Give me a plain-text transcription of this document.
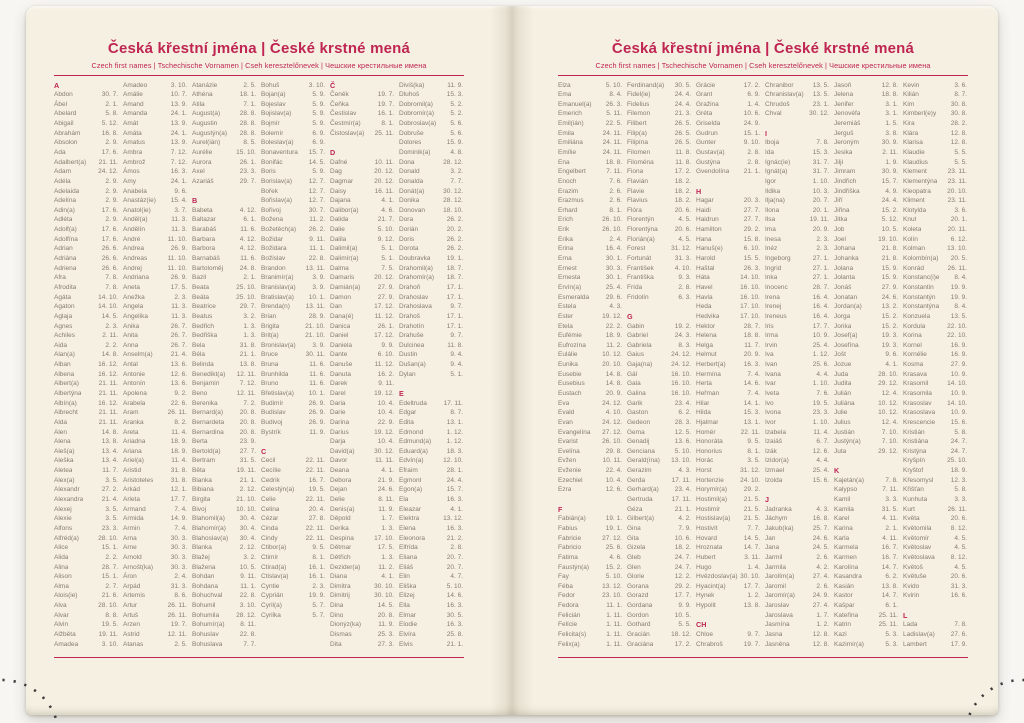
Česká křestní jména | České krstné mená
Czech first names | Tschechische Vornamen | Cseh keresztelőnevek | Чешские крестильные имена
A
Abdon	30. 7.
Ábel	2. 1.
Abelard	5. 8.
Abigail	5. 12.
Abrahám	16. 8.
Absolon	2. 9.
Ada	17. 6.
Adalbert(a) 21. 11.
Adam	24. 12.
Adéla	2. 9.
Adelaida	2. 9.
Adelína	2. 9.
Adin(a)	17. 6.
Adléta	2. 9.
Adolf(a)	17. 6.
Adolfína	17. 6.
Adrian	26. 6.
Adriána	26. 6.
Adriena	26. 6.
Afra	7. 8.
Afrodita	7. 8.
Agáta	14. 10.
Agaton	14. 10.
Aglaja	14. 5.
Agnes	2. 3.
Achiles	2. 11.
Aida	2. 2.
Alan(a)	14. 8.
Alban	16. 12.
Albena	16. 12.
Albert(a)	21. 11.
Albertýna	21. 11.
Albín(a)	16. 12.
Albrecht	21. 11.
Alda	21. 11.
Alen	14. 8.
Alena	13. 8.
Aleš(a)	13. 4.
Aleška	13. 4.
Aletea	11. 7.
Alex(a)	3. 5.
Alexandr	27. 2.
Alexandra	21. 4.
Alexej	3. 5.
Alexie	3. 5.
Alfons	23. 3.
Alfréd(a)	28. 10.
Alice	15. 1.
Alida	2. 2.
Alina	28. 7.
Alison	15. 1.
Alma	2. 7.
Alois(ie)	21. 6.
Alva	28. 10.
Alvar	8. 8.
Alvin	19. 5.
Alžběta	19. 11.
Amadea	3. 10.
Amadeo	3. 10.
Amálie	10. 7.
Amand	13. 9.
Amanda	24. 1.
Amát	13. 9.
Amáta	24. 1.
Amatus	13. 9.
Ambra	7. 12.
Ambrož	7. 12.
Ámos	16. 3.
Amy	24. 1.
Anabela	9. 6.
Anastáz(ie) 15. 4.
Anatol(ie)	3. 7.
Anděl(a)	11. 3.
Andělín	11. 3.
André	11. 10.
Andrea	26. 9.
Andreas	11. 10.
Andrej	11. 10.
Andriana	26. 9.
Aneta	17. 5.
Anežka	2. 3.
Angela	11. 3.
Angelika	11. 3.
Anika	26. 7.
Anita	26. 7.
Anna	26. 7.
Anselm(a)	21. 4.
Antal	13. 6.
Antonie	12. 6.
Antonín	13. 6.
Apolena	9. 2.
Arabela	22. 6.
Aram	26. 11.
Aranka	8. 2.
Areta	11. 4.
Ariadna	18. 9.
Ariana	18. 9.
Ariel(a)	11. 4.
Aristid	31. 8.
Aristoteles	31. 8.
Arkád	12. 1.
Arleta	17. 7.
Armand	7. 4.
Armida	14. 9.
Armin	7. 4.
Arna	30. 3.
Arne	30. 3.
Arnold	30. 3.
Arnošt(ka)	30. 3.
Áron	2. 4.
Arpád	31. 3.
Artemis	8. 6.
Artur	26. 11.
Artuš	26. 11.
Arzen	19. 7.
Astrid	12. 11.
Atanas	2. 5.
Atanázie	2. 5.
Athéna	18. 1.
Atila	7. 1.
August(a)	28. 8.
Augustin	28. 8.
Augustýn(a) 28. 8.
Aurel(ián)	8. 5.
Aurélie	15. 10.
Aurora	26. 1.
Axel	23. 3.
Azariáš	29. 7.
B
Babeta	4. 12.
Baltazar	6. 1.
Barabáš	11. 6.
Barbara	4. 12.
Barbora	4. 12.
Barnabáš	11. 6.
Bartoloměj	24. 8.
Bazil	2. 1.
Beata	25. 10.
Beáta	25. 10.
Beatrice	29. 7.
Beatus	3. 2.
Bedřich	1. 3.
Bedřiška	1. 3.
Bela	31. 8.
Béla	21. 1.
Belinda	13. 8.
Benedikt(a) 12. 11.
Benjamín	7. 12.
Beno	12. 11.
Berenika	7. 2.
Bernard(a)	20. 8.
Bernardeta 20. 8.
Bernardina 20. 8.
Berta	23. 9.
Bertold(a)	27. 7.
Bertram	31. 5.
Běta	19. 11.
Bianka	21. 1.
Bibiana	2. 12.
Birgita	21. 10.
Bivoj	10. 10.
Blahomil(a) 30. 4.
Blahomír(a) 30. 4.
Blahoslav(a) 30. 4.
Blanka	2. 12.
Blažej	3. 2.
Blažena	10. 5.
Bohdan	9. 11.
Bohdana	11. 1.
Bohuchval	22. 8.
Bohumil	3. 10.
Bohumila	28. 12.
Bohumír(a) 8. 11.
Bohuslav	22. 8.
Bohuslava	7. 7.
Bohuš	3. 10.
Bojan(a)	5. 9.
Bojeslav	5. 9.
Bojislav(a)	5. 9.
Bojmír	5. 9.
Bolemír	6. 9.
Boleslav(a)	6. 9.
Bonaventura 15. 7.
Bonifác	14. 5.
Boris	5. 9.
Borislav(a)	12. 7.
Bořek	12. 7.
Bořislav(a)	12. 7.
Bořivoj	30. 7.
Božena	11. 2.
Božetěch(a) 26. 2.
Božidar	9. 11.
Božidara	11. 1.
Božislav	22. 8.
Brandon	13. 11.
Branimír(a)	3. 9.
Branislav(a)	3. 9.
Bratislav(a) 10. 1.
Brenda(n) 13. 11.
Brian	28. 9.
Brigita	21. 10.
Brit(a)	21. 10.
Bronislav(a)	3. 9.
Bruce	30. 11.
Bruna	11. 6.
Brunhilda	11. 6.
Bruno	11. 6.
Břetislav(a) 10. 1.
Budimír	26. 9.
Budislav	26. 9.
Budivoj	26. 9.
Bystrík	11. 9.
C
Cecil	22. 11.
Cecílie	22. 11.
Cedrik	16. 7.
Celestýn(a) 19. 5.
Celie	22. 11.
Celina	20. 4.
Cézar	27. 8.
Cinda	22. 11.
Cindy	22. 11.
Ctibor(a)	9. 5.
Ctimír	8. 1.
Ctirad(a)	16. 1.
Ctislav(a)	16. 1.
Cyntie	2. 3.
Cyprián	19. 9.
Cyril(a)	5. 7.
Cyrilka	5. 7.
Č
Čeněk	19. 7.
Čeňka	19. 7.
Čestislav	16. 1.
Čestmír(a)	8. 1.
Čistoslav(a) 25. 11.
D
Dafné	10. 11.
Dag	20. 12.
Dagmar	20. 12.
Daisy	16. 11.
Dajana	4. 1.
Dalibor(a)	4. 6.
Dalida	21. 7.
Dalie	5. 10.
Dalila	9. 12.
Dalimil(a)	5. 1.
Dalimír(a)	5. 1.
Dalma	7. 5.
Damaris	20. 12.
Damián(a)	27. 9.
Damon	27. 9.
Dan	17. 12.
Dana(é)	11. 12.
Danica	26. 1.
Daniel	17. 12.
Daniela	9. 9.
Dante	6. 10.
Danuše	11. 12.
Danuta	16. 2.
Darek	9. 11.
Darel	19. 12.
Daria	10. 4.
Darie	10. 4.
Darina	22. 9.
Darius	19. 12.
Darja	10. 4.
David(a)	30. 12.
Davor	11. 11.
Deana	4. 1.
Debora	21. 9.
Dejan	24. 6.
Delie	8. 11.
Denis(a)	11. 9.
Děpold	1. 7.
Derika	1. 3.
Despina	17. 10.
Dětmar	17. 5.
Dětřich	1. 3.
Dezider(a)	11. 2.
Diana	4. 1.
Dimitra	30. 10.
Dimitrij	30. 10.
Dina	14. 5.
Dino	20. 8.
Dionýz(ka)	11. 9.
Dismas	25. 3.
Dita	27. 3.
Diviš(ka)	11. 9.
Dluhoš	15. 3.
Dobromil(a)	5. 2.
Dobromír(a)	5. 2.
Dobroslav(a) 5. 6.
Dobruše	5. 6.
Dolores	15. 9.
Dominik(a)	4. 8.
Dona	28. 12.
Donald	3. 2.
Donalda	7. 7.
Donát(a)	30. 12.
Donika	28. 12.
Donovan	18. 10.
Dora	26. 2.
Dorián	20. 2.
Doris	26. 2.
Dorota	26. 2.
Doubravka	19. 1.
Drahomil(a) 18. 7.
Drahomír(a) 18. 7.
Drahoň	17. 1.
Drahoslav	17. 1.
Drahoslava	9. 7.
Drahoš	17. 1.
Drahotín	17. 1.
Drahuše	9. 7.
Dulcinea	11. 8.
Dustin	9. 4.
Dušan(a)	9. 4.
Dylan	5. 1.
E
Edeltruda	17. 11.
Edgar	8. 7.
Edita	13. 1.
Edmond	1. 12.
Edmund(a) 1. 12.
Eduard(a)	18. 3.
Edvín(a)	12. 10.
Efraim	28. 1.
Egmont	24. 4.
Egon(a)	15. 7.
Ela	16. 3.
Eleazar	4. 1.
Elektra	13. 12.
Elena	16. 3.
Eleonora	21. 2.
Elfrída	2. 8.
Eliana	20. 7.
Eliáš	20. 7.
Elin	4. 7.
Eliška	5. 10.
Elizej	14. 6.
Ella	16. 3.
Elmar	30. 5.
Elodie	16. 3.
Elvíra	25. 8.
Elvis	21. 1.
Česká křestní jména | České krstné mená
Czech first names | Tschechische Vornamen | Cseh keresztelőnevek | Чешские крестильные имена
Elza	5. 10.
Ema	8. 4.
Emanuel(a) 26. 3.
Emerich	5. 11.
Emil(ián)	22. 5.
Emila	24. 11.
Emiliána	24. 11.
Emílie	24. 11.
Ena	18. 8.
Engelbert	7. 11.
Enoch	7. 6.
Erazim	2. 6.
Erazmus	2. 6.
Erhard	8. 1.
Erich	26. 10.
Erik	26. 10.
Erika	2. 4.
Erina	16. 4.
Erna	30. 1.
Ernest	30. 3.
Ernesta	30. 1.
Ervín(a)	25. 4.
Esmeralda	29. 6.
Estela	4. 3.
Ester	19. 12.
Etela	22. 2.
Eufémie	18. 9.
Eufrozína	11. 2.
Eulálie	10. 12.
Eunika	20. 10.
Eusebie	14. 8.
Eusebius	14. 8.
Eustach	20. 9.
Eva	24. 12.
Evald	4. 10.
Evan	24. 12.
Evangelína 27. 12.
Evarist	26. 10.
Evelína	29. 8.
Evžen	10. 11.
Evženie	22. 4.
Ezechiel	10. 4.
Ezra	12. 6.
F
Fabián(a)	19. 1.
Fabius	19. 1.
Fabricie	27. 12.
Fabricio	25. 6.
Fatima	4. 6.
Faustýn(a)	15. 2.
Fay	5. 10.
Féba	13. 12.
Fedor	23. 10.
Fedora	11. 1.
Felicián	1. 11.
Felície	1. 11.
Felicita(s)	1. 11.
Felix(a)	1. 11.
Ferdinand(a) 30. 5.
Fidel(ie)	24. 4.
Fidelius	24. 4.
Filemon	21. 3.
Filibert	26. 5.
Filip(a)	26. 5.
Filipína	26. 5.
Filomen	11. 8.
Filoména	11. 8.
Fiona	17. 2.
Flavián	18. 2.
Flavie	18. 2.
Flavius	18. 2.
Flóra	20. 6.
Florentýn	4. 5.
Florentýna	20. 6.
Florián(a)	4. 5.
Forest	31. 12.
Fortunát	31. 3.
František	4. 10.
Františka	9. 3.
Frída	2. 8.
Fridolín	6. 3.
G
Gabin	19. 2.
Gabriel	24. 3.
Gabriela	8. 3.
Gaius	24. 12.
Gaja(na)	24. 12.
Gál	16. 10.
Gala	16. 10.
Galina	16. 10.
Garik	23. 4.
Gaston	6. 2.
Gedeon	28. 3.
Gema	12. 5.
Genadij	13. 6.
Genciana	5. 10.
Gerald(ína) 13. 10.
Gerazim	4. 3.
Gerda	17. 11.
Gerhard(a) 23. 4.
Gertruda	17. 11.
Géza	21. 1.
Gilbert(a)	4. 2.
Gina	7. 9.
Gita	10. 6.
Gizela	18. 2.
Gleb	24. 7.
Glen	24. 7.
Glorie	12. 2.
Gorana	29. 2.
Gorazd	17. 7.
Gordana	9. 9.
Gordon	10. 5.
Gothard	5. 5.
Gracián	18. 12.
Graciána	17. 2.
Grácie	17. 2.
Grant	6. 9.
Gražina	1. 4.
Gréta	10. 6.
Griselda	24. 9.
Gudrun	15. 1.
Gunter	9. 10.
Gustav(a)	2. 8.
Gustýna	2. 8.
Gvendolína 21. 1.
H
Hagar	20. 3.
Haidi	27. 7.
Haidrun	27. 7.
Hamilton	29. 2.
Hana	15. 8.
Hanuš(e)	6. 10.
Harold	15. 5.
Haštal	26. 3.
Háta	14. 10.
Havel	16. 10.
Havla	16. 10.
Heda	17. 10.
Hedvika	17. 10.
Hektor	28. 7.
Helena	18. 8.
Helga	11. 7.
Helmut	20. 9.
Herbert(a)	16. 3.
Hermína	7. 4.
Herta	14. 6.
Heřman	7. 4.
Hilar	14. 1.
Hilda	15. 3.
Hjalmar	13. 1.
Homér	22. 11.
Honoráta	9. 5.
Honorius	8. 1.
Horác	3. 5.
Horst	31. 12.
Hortenzie	24. 10.
Horymír(a)	29. 2.
Hostimil(a)	21. 5.
Hostimír	21. 5.
Hostislav(a) 21. 5.
Hostivít	7. 7.
Hovard	14. 5.
Hroznata	14. 7.
Hubert	3. 11.
Hugo	1. 4.
Hvězdoslav(a) 30. 10.
Hyacint(a)	17. 7.
Hynek	1. 2.
Hypolit	13. 8.
CH
Chloe	9. 7.
Chrabroš	19. 7.
Chranibor	13. 5.
Chranislav(a) 13. 5.
Chrudoš	23. 1.
Chval	30. 12.
I
Iboja	7. 8.
Ida	15. 3.
Ignác(ie)	31. 7.
Ignát(a)	31. 7.
Igor	1. 10.
Ildika	10. 3.
Ilja(na)	20. 7.
Ilona	20. 1.
Ilsa	19. 11.
Ima	20. 9.
Inesa	2. 3.
Inéz	2. 3.
Ingeborg	27. 1.
Ingrid	27. 1.
Inka	27. 1.
Inocenc	28. 7.
Irena	16. 4.
Irenej	16. 4.
Ireneus	16. 4.
Iris	17. 7.
Irma	10. 9.
Irvin	25. 4.
Iva	1. 12.
Ivan	25. 6.
Ivana	4. 4.
Ivar	1. 10.
Iveta	7. 6.
Ivo	19. 5.
Ivona	23. 3.
Ivor	1. 10.
Izabela	11. 4.
Izaiáš	6. 7.
Izák	12. 6.
Izidor(a)	4. 4.
Izmael	25. 4.
Izolda	15. 6.
J
Jadranka	4. 3.
Jáchym	16. 8.
Jakub(ka)	25. 7.
Jan	24. 6.
Jana	24. 5.
Jarmil	2. 6.
Jarmila	4. 2.
Jarolím(a)	27. 4.
Jaromil	2. 6.
Jaromír(a)	24. 9.
Jaroslav	27. 4.
Jaroslava	1. 7.
Jasmína	1. 2.
Jasna	12. 8.
Jasněna	12. 8.
Jasoň	12. 8.
Jelena	18. 8.
Jenifer	3. 1.
Jenovéfa	3. 1.
Jeremiáš	1. 5.
Jerguš	3. 8.
Jeroným	30. 9.
Jesika	2. 11.
Jiljí	1. 9.
Jimram	30. 9.
Jindřich	15. 7.
Jindřiška	4. 9.
Jiří	24. 4.
Jiřina	15. 2.
Jitka	5. 12.
Job	10. 5.
Joel	19. 10.
Johana	21. 8.
Johanka	21. 8.
Jolana	15. 9.
Jolanta	15. 9.
Jonáš	27. 9.
Jonatan	24. 6.
Jordan(a)	13. 2.
Jorga	15. 2.
Jorika	15. 2.
Josef(a)	19. 3.
Josefína	19. 3.
Jošt	9. 6.
Jozue	4. 1.
Juda	28. 10.
Judita	29. 12.
Julián	12. 4.
Juliána	10. 12.
Julie	10. 12.
Julius	12. 4.
Justián	7. 10.
Justýn(a)	7. 10.
Juta	29. 12.
K
Kajetán(a)	7. 8.
Kalypso	7. 11.
Kamil	3. 3.
Kamila	31. 5.
Karel	4. 11.
Karina	2. 1.
Karla	4. 11.
Karmela	16. 7.
Karmen	16. 7.
Karolína	14. 7.
Kasandra	6. 2.
Kasián	13. 8.
Kastor	14. 7.
Kašpar	6. 1.
Kateřina	25. 11.
Katrin	25. 11.
Kazi	5. 3.
Kazimír(a)	5. 3.
Kevin	3. 6.
Kilián	8. 7.
Kim	30. 8.
Kimberl(e)y 30. 8.
Kira	28. 2.
Klára	12. 8.
Klarisa	12. 8.
Klaudie	5. 5.
Klaudius	5. 5.
Klement	23. 11.
Klementýna 23. 11.
Kleopatra	20. 10.
Kliment	23. 11.
Klotylda	3. 6.
Knut	20. 1.
Koleta	20. 11.
Kolín	6. 12.
Kolman	13. 10.
Kolombín(a) 20. 5.
Konrád	26. 11.
Konstanc(i)e 8. 4.
Konstantin	19. 9.
Konstantýn 19. 9.
Konstantýna 8. 4.
Konzuela	13. 5.
Kordula	22. 10.
Korina	22. 10.
Kornel	16. 9.
Kornélie	16. 9.
Kosma	27. 9.
Krasava	10. 9.
Krasomil	14. 10.
Krasomila	10. 9.
Krasoslav 14. 10.
Krasoslava 10. 9.
Krescencie 15. 6.
Kristián	5. 8.
Kristiána	24. 7.
Kristýna	24. 7.
Kryšpín	25. 10.
Kryštof	18. 9.
Křesomysl	12. 3.
Křišťan	5. 8.
Kunhuta	3. 3.
Kurt	26. 11.
Květa	20. 6.
Květomila	8. 12.
Květomír	4. 5.
Květoslav	4. 5.
Květoslava 8. 12.
Květoš	4. 5.
Květuše	20. 6.
Kvido	31. 3.
Kvirin	16. 6.
L
Lada	7. 8.
Ladislav(a) 27. 6.
Lambert	17. 9.
